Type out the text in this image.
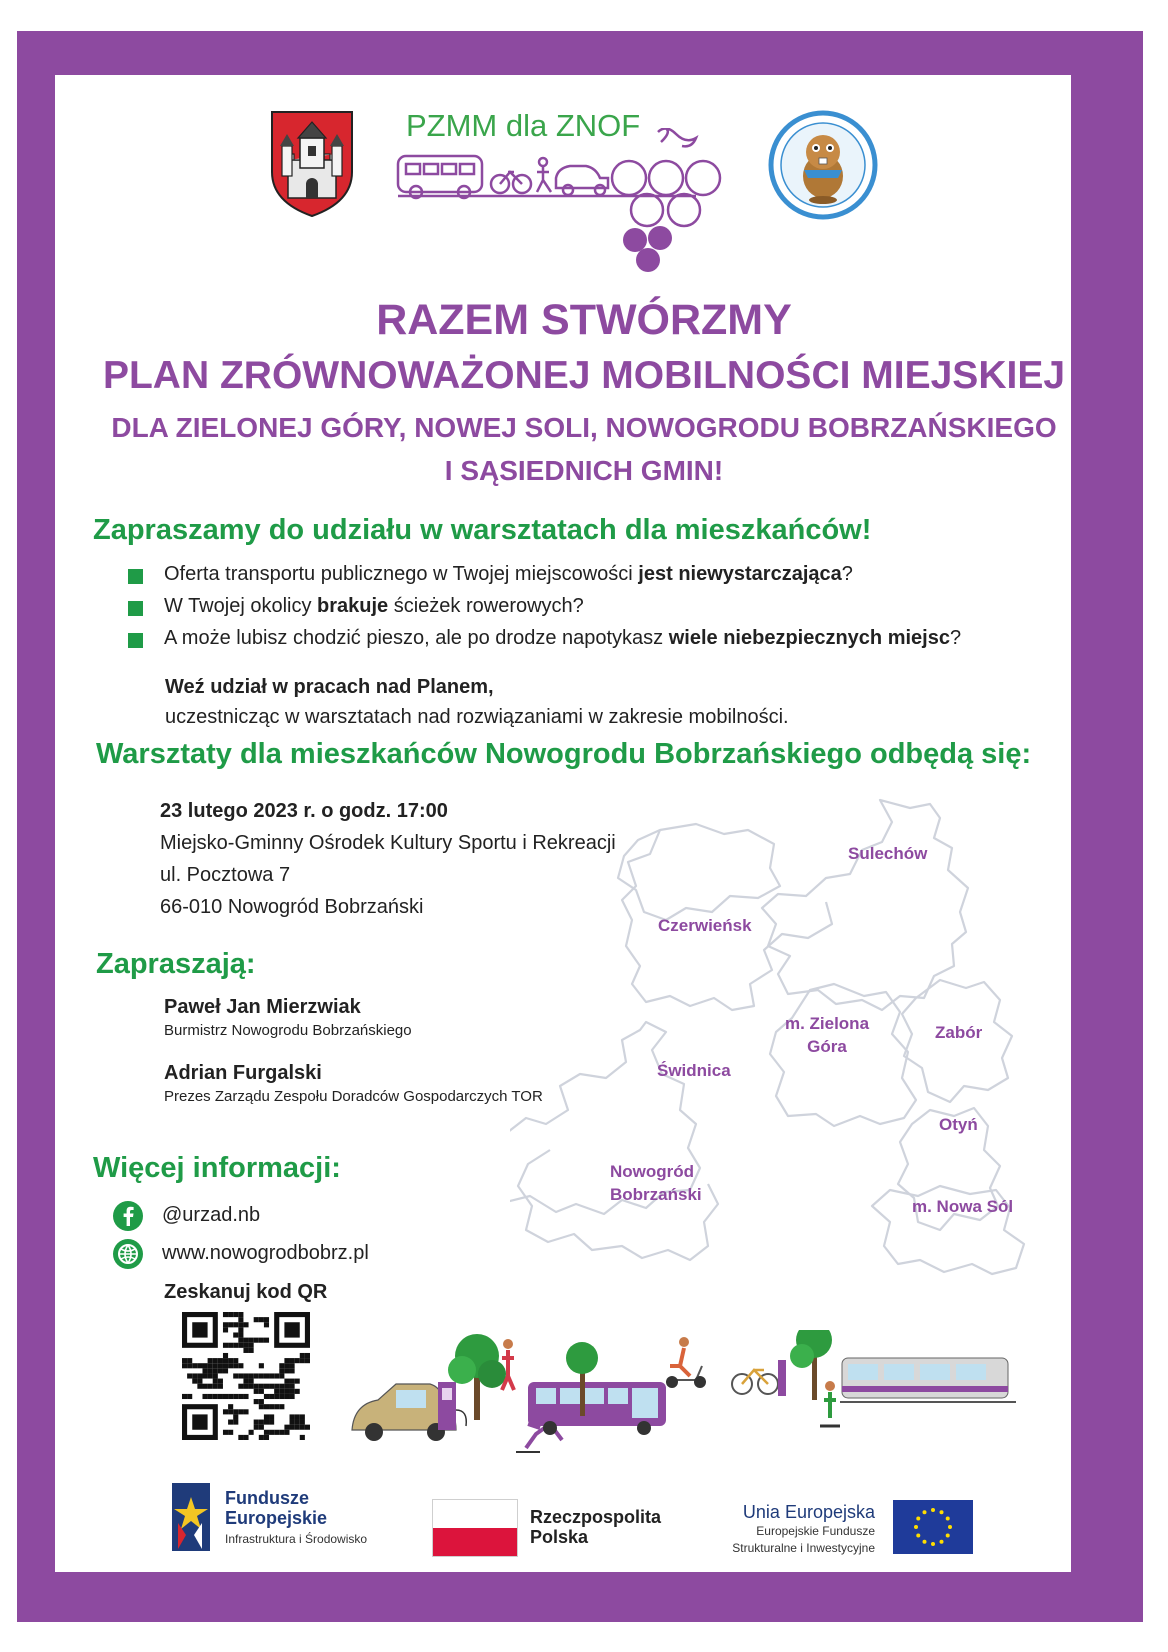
PZMM dla ZNOF
RAZEM STWÓRZMY
PLAN ZRÓWNOWAŻONEJ MOBILNOŚCI MIEJSKIEJ
DLA ZIELONEJ GÓRY, NOWEJ SOLI, NOWOGRODU BOBRZAŃSKIEGO
I SĄSIEDNICH GMIN!
Zapraszamy do udziału w warsztatach dla mieszkańców!
Oferta transportu publicznego w Twojej miejscowości jest niewystarczająca?
W Twojej okolicy brakuje ścieżek rowerowych?
A może lubisz chodzić pieszo, ale po drodze napotykasz wiele niebezpiecznych miejsc?
Weź udział w pracach nad Planem,
uczestnicząc w warsztatach nad rozwiązaniami w zakresie mobilności.
Warsztaty dla mieszkańców Nowogrodu Bobrzańskiego odbędą się:
23 lutego 2023 r. o godz. 17:00
Miejsko-Gminny Ośrodek Kultury Sportu i Rekreacji
ul. Pocztowa 7
66-010 Nowogród Bobrzański
Sulechów
Czerwieńsk
m. Zielona
Góra
Zabór
Świdnica
Otyń
Nowogród
Bobrzański
m. Nowa Sól
Zapraszają:
Paweł Jan Mierzwiak
Burmistrz Nowogrodu Bobrzańskiego
Adrian Furgalski
Prezes Zarządu Zespołu Doradców Gospodarczych TOR
Więcej informacji:
@urzad.nb
www.nowogrodbobrz.pl
Zeskanuj kod QR
Fundusze
Europejskie
Infrastruktura i Środowisko
Rzeczpospolita
Polska
Unia Europejska
Europejskie Fundusze
Strukturalne i Inwestycyjne
